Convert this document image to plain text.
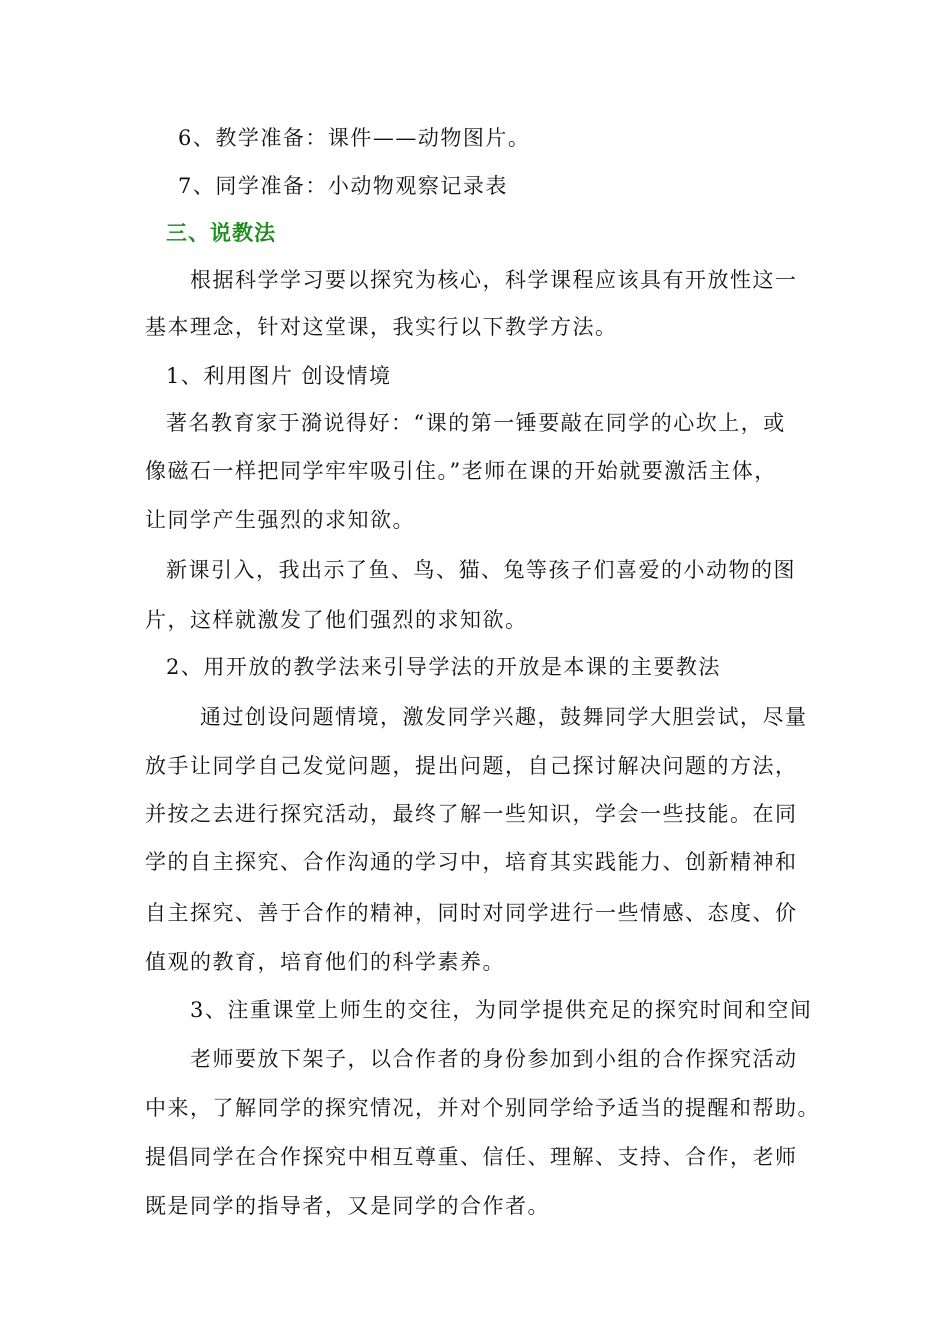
6、教学准备：课件——动物图片。
7、同学准备：小动物观察记录表
三、说教法
根据科学学习要以探究为核心，科学课程应该具有开放性这一
基本理念，针对这堂课，我实行以下教学方法。
1、利用图片 创设情境
著名教育家于漪说得好：“课的第一锤要敲在同学的心坎上，或
像磁石一样把同学牢牢吸引住。”老师在课的开始就要激活主体，
让同学产生强烈的求知欲。
新课引入，我出示了鱼、鸟、猫、兔等孩子们喜爱的小动物的图
片，这样就激发了他们强烈的求知欲。
2、用开放的教学法来引导学法的开放是本课的主要教法
通过创设问题情境，激发同学兴趣，鼓舞同学大胆尝试，尽量
放手让同学自己发觉问题，提出问题，自己探讨解决问题的方法，
并按之去进行探究活动，最终了解一些知识，学会一些技能。在同
学的自主探究、合作沟通的学习中，培育其实践能力、创新精神和
自主探究、善于合作的精神，同时对同学进行一些情感、态度、价
值观的教育，培育他们的科学素养。
3、注重课堂上师生的交往，为同学提供充足的探究时间和空间
老师要放下架子，以合作者的身份参加到小组的合作探究活动
中来，了解同学的探究情况，并对个别同学给予适当的提醒和帮助。
提倡同学在合作探究中相互尊重、信任、理解、支持、合作，老师
既是同学的指导者，又是同学的合作者。
